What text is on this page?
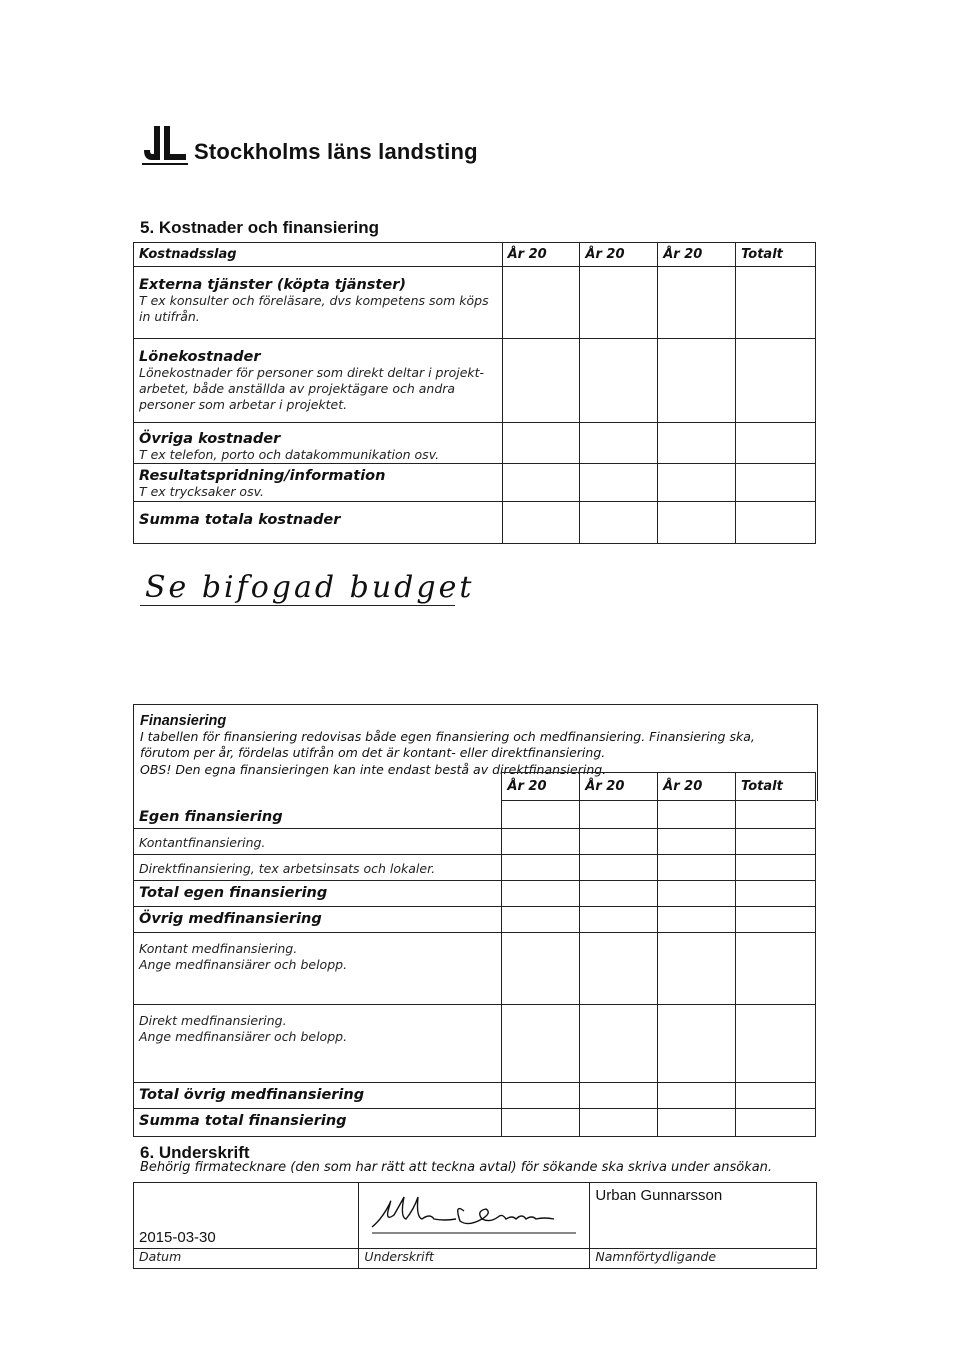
Stockholms läns landsting
5. Kostnader och finansiering
Kostnadsslag	År 20	År 20	År 20	Totalt

Externa tjänster (köpta tjänster)
T ex konsulter och föreläsare, dvs kompetens som köps in utifrån.				

Lönekostnader
Lönekostnader för personer som direkt deltar i projekt-arbetet, både anställda av projektägare och andra personer som arbetar i projektet.				

Övriga kostnader
T ex telefon, porto och datakommunikation osv.				

Resultatspridning/information
T ex trycksaker osv.				

Summa totala kostnader				

Se bifogad budget
Finansiering
I tabellen för finansiering redovisas både egen finansiering och medfinansiering. Finansiering ska, förutom per år, fördelas utifrån om det är kontant- eller direktfinansiering.
OBS! Den egna finansieringen kan inte endast bestå av direktfinansiering.
	År 20	År 20	År 20	Totalt

Egen finansiering				

Kontantfinansiering.				

Direktfinansiering, tex arbetsinsats och lokaler.				

Total egen finansiering				

Övrig medfinansiering				

Kontant medfinansiering.
Ange medfinansiärer och belopp.				

Direkt medfinansiering.
Ange medfinansiärer och belopp.				

Total övrig medfinansiering				

Summa total finansiering				

6. Underskrift
Behörig firmatecknare (den som har rätt att teckna avtal) för sökande ska skriva under ansökan.
2015-03-30		Urban Gunnarsson

Datum	Underskrift	Namnförtydligande
